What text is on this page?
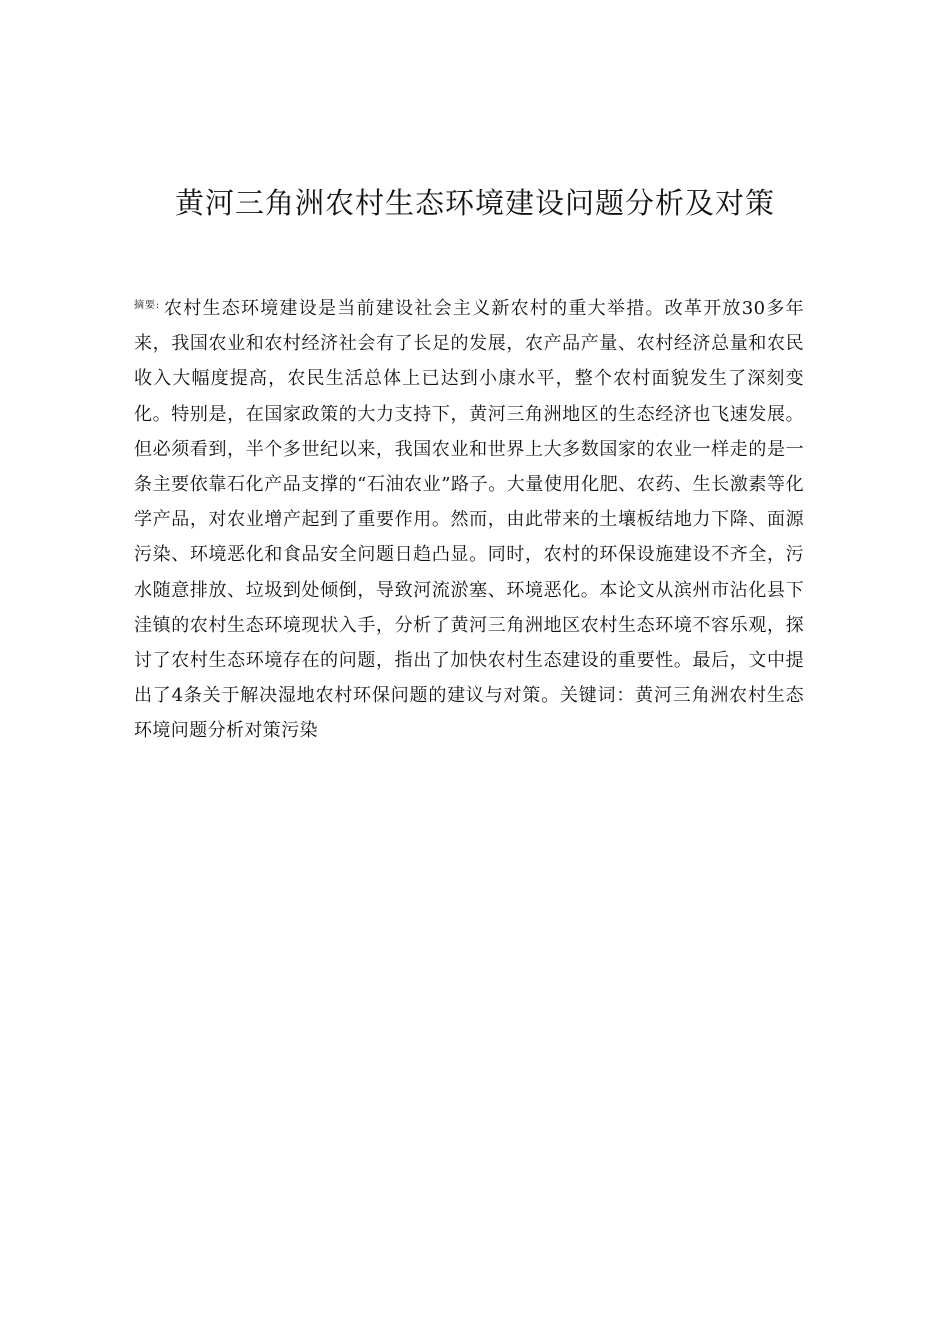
黄河三角洲农村生态环境建设问题分析及对策
$^{摘要:}$ 农村生态环境建设是当前建设社会主义新农村的重大举措。改革开放30多年来，我国农业和农村经济社会有了长足的发展，农产品产量、农村经济总量和农民收入大幅度提高，农民生活总体上已达到小康水平，整个农村面貌发生了深刻变化。特别是，在国家政策的大力支持下，黄河三角洲地区的生态经济也飞速发展。但必须看到，半个多世纪以来，我国农业和世界上大多数国家的农业一样走的是一条主要依靠石化产品支撑的“石油农业”路子。大量使用化肥、农药、生长激素等化学产品，对农业增产起到了重要作用。然而，由此带来的土壤板结地力下降、面源污染、环境恶化和食品安全问题日趋凸显。同时，农村的环保设施建设不齐全，污水随意排放、垃圾到处倾倒，导致河流淤塞、环境恶化。本论文从滨州市沾化县下洼镇的农村生态环境现状入手，分析了黄河三角洲地区农村生态环境不容乐观，探讨了农村生态环境存在的问题，指出了加快农村生态建设的重要性。最后，文中提出了4条关于解决湿地农村环保问题的建议与对策。关键词：黄河三角洲农村生态环境问题分析对策污染
